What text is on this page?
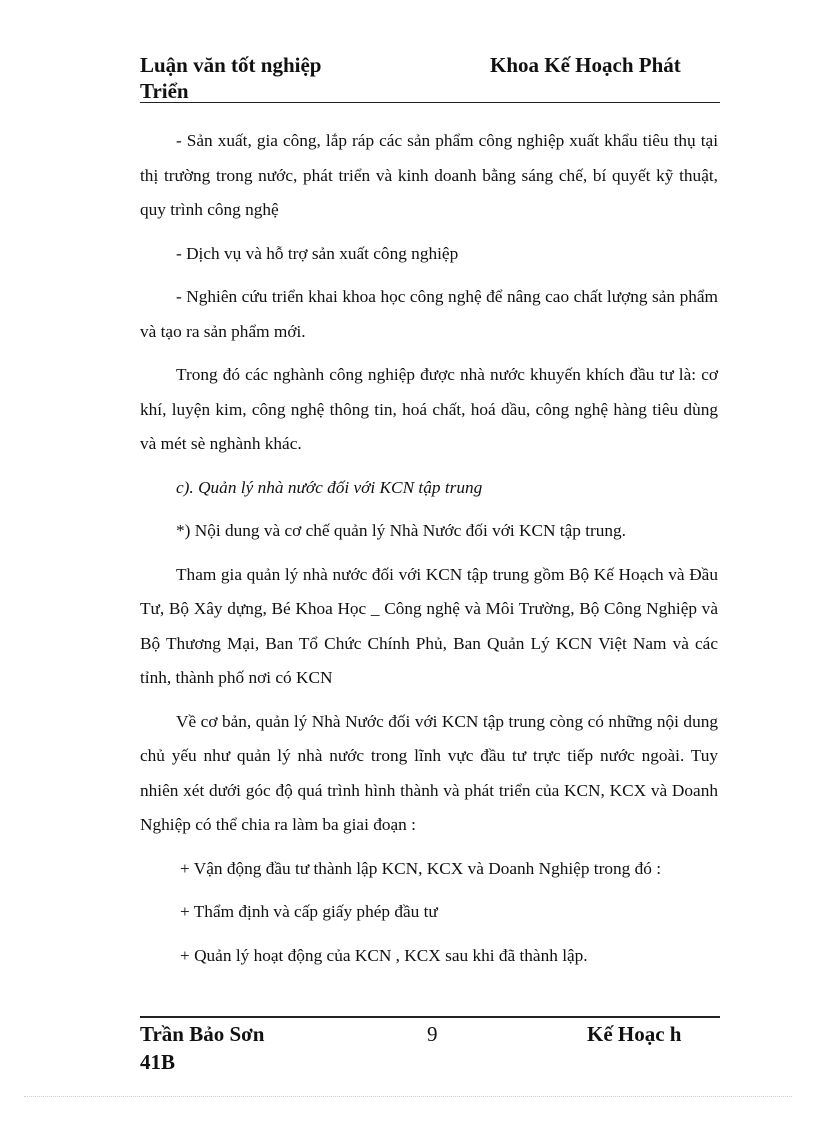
Luận văn tốt nghiệp	Khoa Kế Hoạch Phát
Triển

- Sản xuất, gia công, lắp ráp các sản phẩm công nghiệp xuất khẩu tiêu thụ tại thị trường trong nước, phát triển và kinh doanh bằng sáng chế, bí quyết kỹ thuật, quy trình công nghệ

- Dịch vụ và hỗ trợ sản xuất công nghiệp

- Nghiên cứu triển khai khoa học công nghệ để nâng cao chất lượng sản phẩm và tạo ra sản phẩm mới.

Trong đó các nghành công nghiệp được nhà nước khuyến khích đầu tư là: cơ khí, luyện kim, công nghệ thông tin, hoá chất, hoá dầu, công nghệ hàng tiêu dùng và mét sè nghành khác.

c). Quản lý nhà nước đối với KCN tập trung

*) Nội dung và cơ chế quản lý Nhà Nước đối với KCN tập trung.

Tham gia quản lý nhà nước đối với KCN tập trung gồm Bộ Kế Hoạch và Đầu Tư, Bộ Xây dựng, Bé Khoa Học _ Công nghệ và Môi Trường, Bộ Công Nghiệp và Bộ Thương Mại, Ban Tổ Chức Chính Phủ, Ban Quản Lý KCN Việt Nam và các tỉnh, thành phố nơi có KCN

Về cơ bản, quản lý Nhà Nước đối với KCN tập trung còng có những nội dung chủ yếu như quản lý nhà nước trong lĩnh vực đầu tư trực tiếp nước ngoài. Tuy nhiên xét dưới góc độ quá trình hình thành và phát triển của KCN, KCX và Doanh Nghiệp có thể chia ra làm ba giai đoạn :

+ Vận động đầu tư thành lập KCN, KCX và Doanh Nghiệp trong đó :

+ Thẩm định và cấp giấy phép đầu tư

+ Quản lý hoạt động của KCN , KCX sau khi đã thành lập.

Trần Bảo Sơn	9	Kế Hoạc h
41B
